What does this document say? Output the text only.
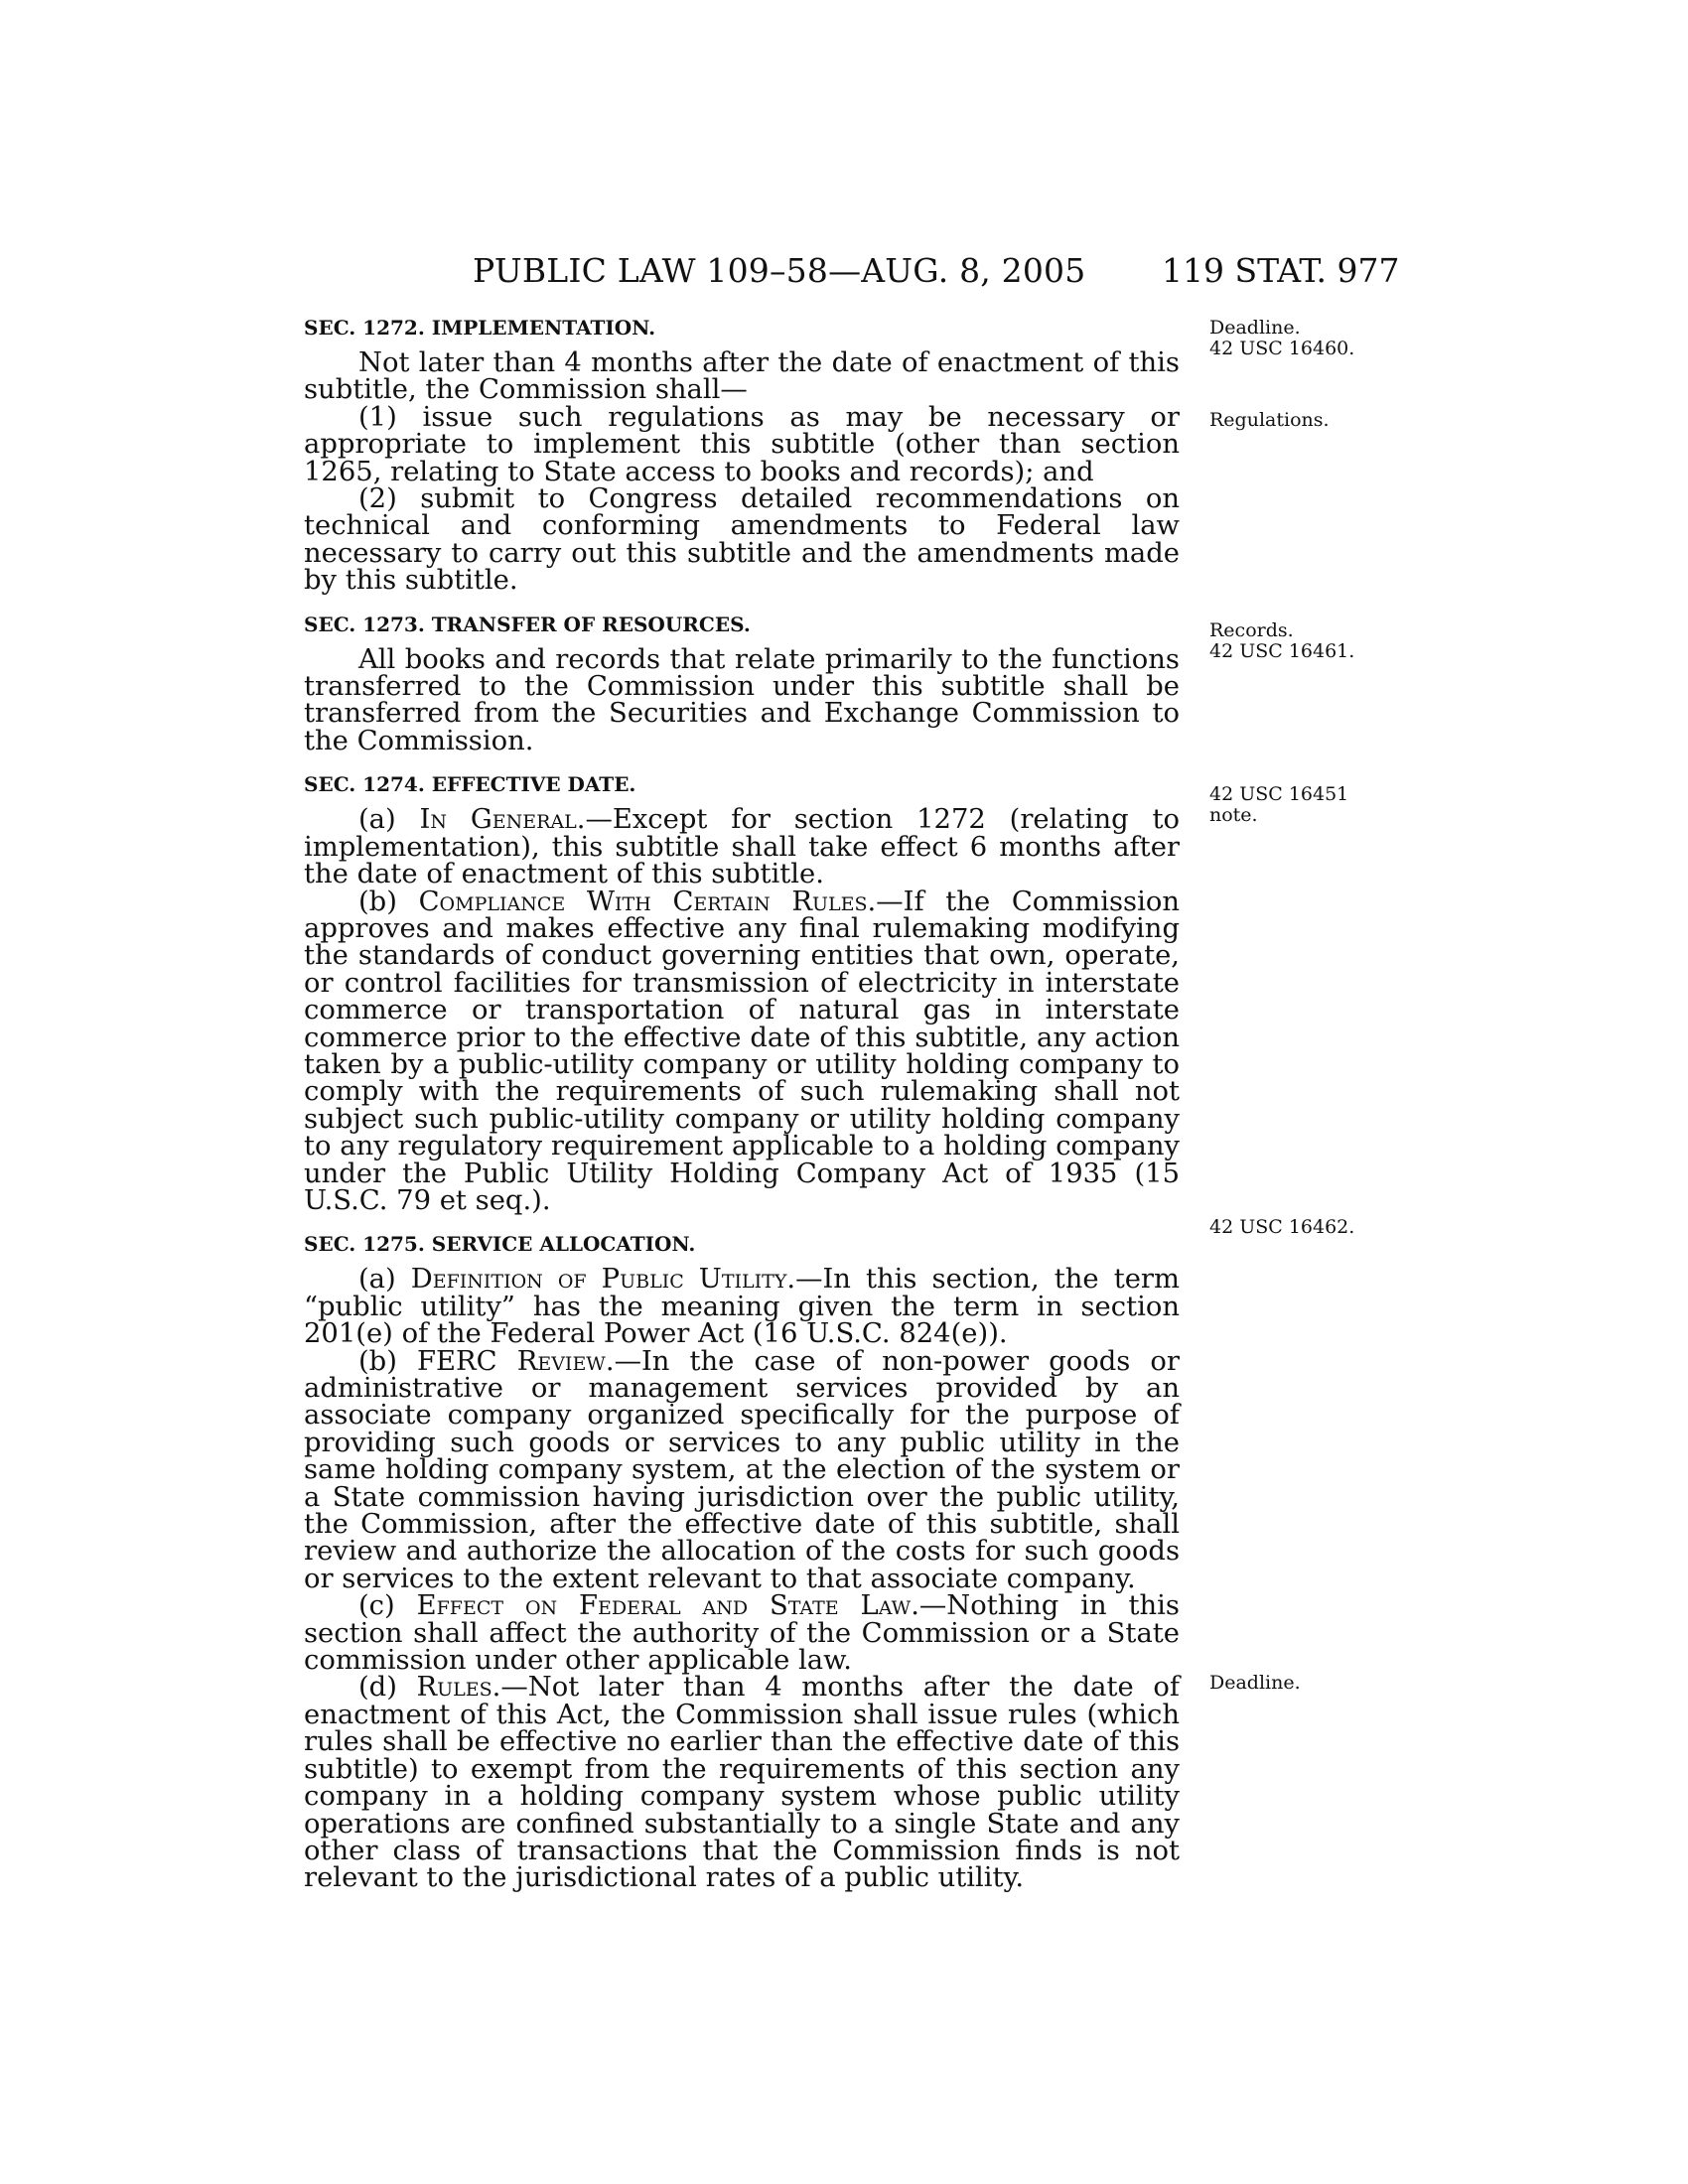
PUBLIC LAW 109–58—AUG. 8, 2005 119 STAT. 977
SEC. 1272. IMPLEMENTATION.

Not later than 4 months after the date of enactment of this subtitle, the Commission shall—

(1) issue such regulations as may be necessary or appropriate to implement this subtitle (other than section 1265, relating to State access to books and records); and

(2) submit to Congress detailed recommendations on technical and conforming amendments to Federal law necessary to carry out this subtitle and the amendments made by this subtitle.

SEC. 1273. TRANSFER OF RESOURCES.

All books and records that relate primarily to the functions transferred to the Commission under this subtitle shall be transferred from the Securities and Exchange Commission to the Commission.

SEC. 1274. EFFECTIVE DATE.

(a) In General.—Except for section 1272 (relating to implementation), this subtitle shall take effect 6 months after the date of enactment of this subtitle.

(b) Compliance With Certain Rules.—If the Commission approves and makes effective any final rulemaking modifying the standards of conduct governing entities that own, operate, or control facilities for transmission of electricity in interstate commerce or transportation of natural gas in interstate commerce prior to the effective date of this subtitle, any action taken by a public-utility company or utility holding company to comply with the requirements of such rulemaking shall not subject such public-utility company or utility holding company to any regulatory requirement applicable to a holding company under the Public Utility Holding Company Act of 1935 (15 U.S.C. 79 et seq.).

SEC. 1275. SERVICE ALLOCATION.

(a) Definition of Public Utility.—In this section, the term “public utility” has the meaning given the term in section 201(e) of the Federal Power Act (16 U.S.C. 824(e)).

(b) FERC Review.—In the case of non-power goods or administrative or management services provided by an associate company organized specifically for the purpose of providing such goods or services to any public utility in the same holding company system, at the election of the system or a State commission having jurisdiction over the public utility, the Commission, after the effective date of this subtitle, shall review and authorize the allocation of the costs for such goods or services to the extent relevant to that associate company.

(c) Effect on Federal and State Law.—Nothing in this section shall affect the authority of the Commission or a State commission under other applicable law.

(d) Rules.—Not later than 4 months after the date of enactment of this Act, the Commission shall issue rules (which rules shall be effective no earlier than the effective date of this subtitle) to exempt from the requirements of this section any company in a holding company system whose public utility operations are confined substantially to a single State and any other class of transactions that the Commission finds is not relevant to the jurisdictional rates of a public utility.

Deadline.
42 USC 16460.
Regulations.
Records.
42 USC 16461.
42 USC 16451
note.
42 USC 16462.
Deadline.
